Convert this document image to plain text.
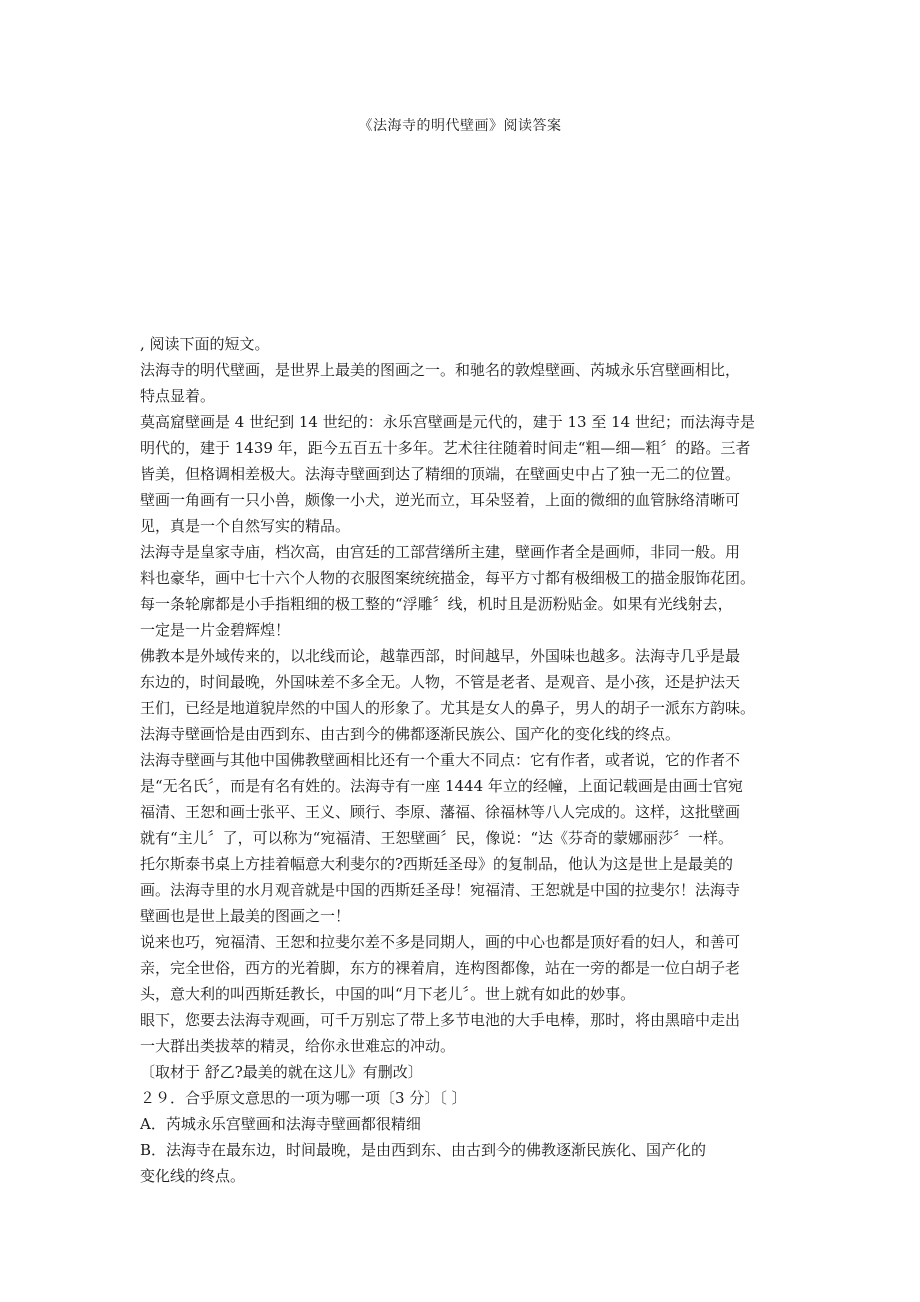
《法海寺的明代壁画》阅读答案
, 阅读下面的短文。
法海寺的明代壁画，是世界上最美的图画之一。和驰名的敦煌壁画、芮城永乐宫壁画相比，
特点显着。
莫高窟壁画是 4 世纪到 14 世纪的：永乐宫壁画是元代的，建于 13 至 14 世纪；而法海寺是
明代的，建于 1439 年，距今五百五十多年。艺术往往随着时间走“粗—细—粗〞的路。三者
皆美，但格调相差极大。法海寺壁画到达了精细的顶端，在壁画史中占了独一无二的位置。
壁画一角画有一只小兽，颇像一小犬，逆光而立，耳朵竖着，上面的微细的血管脉络清晰可
见，真是一个自然写实的精品。
法海寺是皇家寺庙，档次高，由宫廷的工部营缮所主建，壁画作者全是画师，非同一般。用
料也豪华，画中七十六个人物的衣服图案统统描金，每平方寸都有极细极工的描金服饰花团。
每一条轮廓都是小手指粗细的极工整的“浮雕〞线，机时且是沥粉贴金。如果有光线射去，
一定是一片金碧辉煌！
佛教本是外域传来的，以北线而论，越靠西部，时间越早，外国味也越多。法海寺几乎是最
东边的，时间最晚，外国味差不多全无。人物，不管是老者、是观音、是小孩，还是护法天
王们，已经是地道貌岸然的中国人的形象了。尤其是女人的鼻子，男人的胡子一派东方韵味。
法海寺壁画恰是由西到东、由古到今的佛都逐渐民族公、国产化的变化线的终点。
法海寺壁画与其他中国佛教壁画相比还有一个重大不同点：它有作者，或者说，它的作者不
是“无名氏〞，而是有名有姓的。法海寺有一座 1444 年立的经幢，上面记载画是由画士官宛
福清、王恕和画士张平、王义、顾行、李原、藩福、徐福林等八人完成的。这样，这批壁画
就有“主儿〞了，可以称为“宛福清、王恕壁画〞民，像说：“达《芬奇的蒙娜丽莎〞一样。
托尔斯泰书桌上方挂着幅意大利斐尔的?西斯廷圣母》的复制品，他认为这是世上是最美的
画。法海寺里的水月观音就是中国的西斯廷圣母！宛福清、王恕就是中国的拉斐尔！法海寺
壁画也是世上最美的图画之一！
说来也巧，宛福清、王恕和拉斐尔差不多是同期人，画的中心也都是顶好看的妇人，和善可
亲，完全世俗，西方的光着脚，东方的裸着肩，连构图都像，站在一旁的都是一位白胡子老
头，意大利的叫西斯廷教长，中国的叫“月下老儿〞。世上就有如此的妙事。
眼下，您要去法海寺观画，可千万别忘了带上多节电池的大手电棒，那时，将由黑暗中走出
一大群出类拔萃的精灵，给你永世难忘的冲动。
〔取材于 舒乙?最美的就在这儿》有删改〕
２９．合乎原文意思的一项为哪一项〔3 分〕〔 〕
A．芮城永乐宫壁画和法海寺壁画都很精细
B．法海寺在最东边，时间最晚，是由西到东、由古到今的佛教逐渐民族化、国产化的
变化线的终点。
